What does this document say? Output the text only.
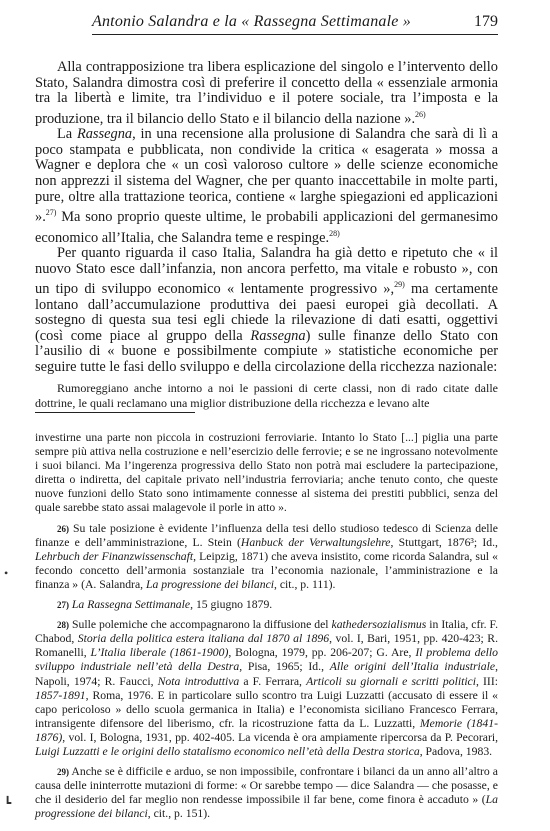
Antonio Salandra e la « Rassegna Settimanale »	179

Alla contrapposizione tra libera esplicazione del singolo e l’intervento dello Stato, Salandra dimostra così di preferire il concetto della « essenziale armonia tra la libertà e limite, tra l’individuo e il potere sociale, tra l’imposta e la produzione, tra il bilancio dello Stato e il bilancio della nazione ».$^{26)}$

La Rassegna, in una recensione alla prolusione di Salandra che sarà di lì a poco stampata e pubblicata, non condivide la critica « esagerata » mossa a Wagner e deplora che « un così valoroso cultore » delle scienze economiche non apprezzi il sistema del Wagner, che per quanto inaccettabile in molte parti, pure, oltre alla trattazione teorica, contiene « larghe spiegazioni ed applicazioni ».$^{27)}$ Ma sono proprio queste ultime, le probabili applicazioni del germanesimo economico all’Italia, che Salandra teme e respinge.$^{28)}$

Per quanto riguarda il caso Italia, Salandra ha già detto e ripetuto che « il nuovo Stato esce dall’infanzia, non ancora perfetto, ma vitale e robusto », con un tipo di sviluppo economico « lentamente progressivo »,$^{29)}$ ma certamente lontano dall’accumulazione produttiva dei paesi europei già decollati. A sostegno di questa sua tesi egli chiede la rilevazione di dati esatti, oggettivi (così come piace al gruppo della Rassegna) sulle finanze dello Stato con l’ausilio di « buone e possibilmente compiute » statistiche economiche per seguire tutte le fasi dello sviluppo e della circolazione della ricchezza nazionale:

Rumoreggiano anche intorno a noi le passioni di certe classi, non di rado citate dalle dottrine, le quali reclamano una miglior distribuzione della ricchezza e levano alte

investirne una parte non piccola in costruzioni ferroviarie. Intanto lo Stato [...] piglia una parte sempre più attiva nella costruzione e nell’esercizio delle ferrovie; e se ne ingrossano notevolmente i suoi bilanci. Ma l’ingerenza progressiva dello Stato non potrà mai escludere la partecipazione, diretta o indiretta, del capitale privato nell’industria ferroviaria; anche tenuto conto, che queste nuove funzioni dello Stato sono intimamente connesse al sistema dei prestiti pubblici, senza del quale sarebbe stato assai malagevole il porle in atto ».

26) Su tale posizione è evidente l’influenza della tesi dello studioso tedesco di Scienza delle finanze e dell’amministrazione, L. Stein (Hanbuck der Verwaltungslehre, Stuttgart, 1876³; Id., Lehrbuch der Finanzwissenschaft, Leipzig, 1871) che aveva insistito, come ricorda Salandra, sul « fecondo concetto dell’armonia sostanziale tra l’economia nazionale, l’amministrazione e la finanza » (A. Salandra, La progressione dei bilanci, cit., p. 111).

27) La Rassegna Settimanale, 15 giugno 1879.

28) Sulle polemiche che accompagnarono la diffusione del kathedersozialismus in Italia, cfr. F. Chabod, Storia della politica estera italiana dal 1870 al 1896, vol. I, Bari, 1951, pp. 420-423; R. Romanelli, L’Italia liberale (1861-1900), Bologna, 1979, pp. 206-207; G. Are, Il problema dello sviluppo industriale nell’età della Destra, Pisa, 1965; Id., Alle origini dell’Italia industriale, Napoli, 1974; R. Faucci, Nota introduttiva a F. Ferrara, Articoli su giornali e scritti politici, III: 1857-1891, Roma, 1976. E in particolare sullo scontro tra Luigi Luzzatti (accusato di essere il « capo pericoloso » dello scuola germanica in Italia) e l’economista siciliano Francesco Ferrara, intransigente difensore del liberismo, cfr. la ricostruzione fatta da L. Luzzatti, Memorie (1841-1876), vol. I, Bologna, 1931, pp. 402-405. La vicenda è ora ampiamente ripercorsa da P. Pecorari, Luigi Luzzatti e le origini dello statalismo economico nell’età della Destra storica, Padova, 1983.

29) Anche se è difficile e arduo, se non impossibile, confrontare i bilanci da un anno all’altro a causa delle ininterrotte mutazioni di forme: « Or sarebbe tempo — dice Salandra — che posasse, e che il desiderio del far meglio non rendesse impossibile il far bene, come finora è accaduto » (La progressione dei bilanci, cit., p. 151).

•
┗
